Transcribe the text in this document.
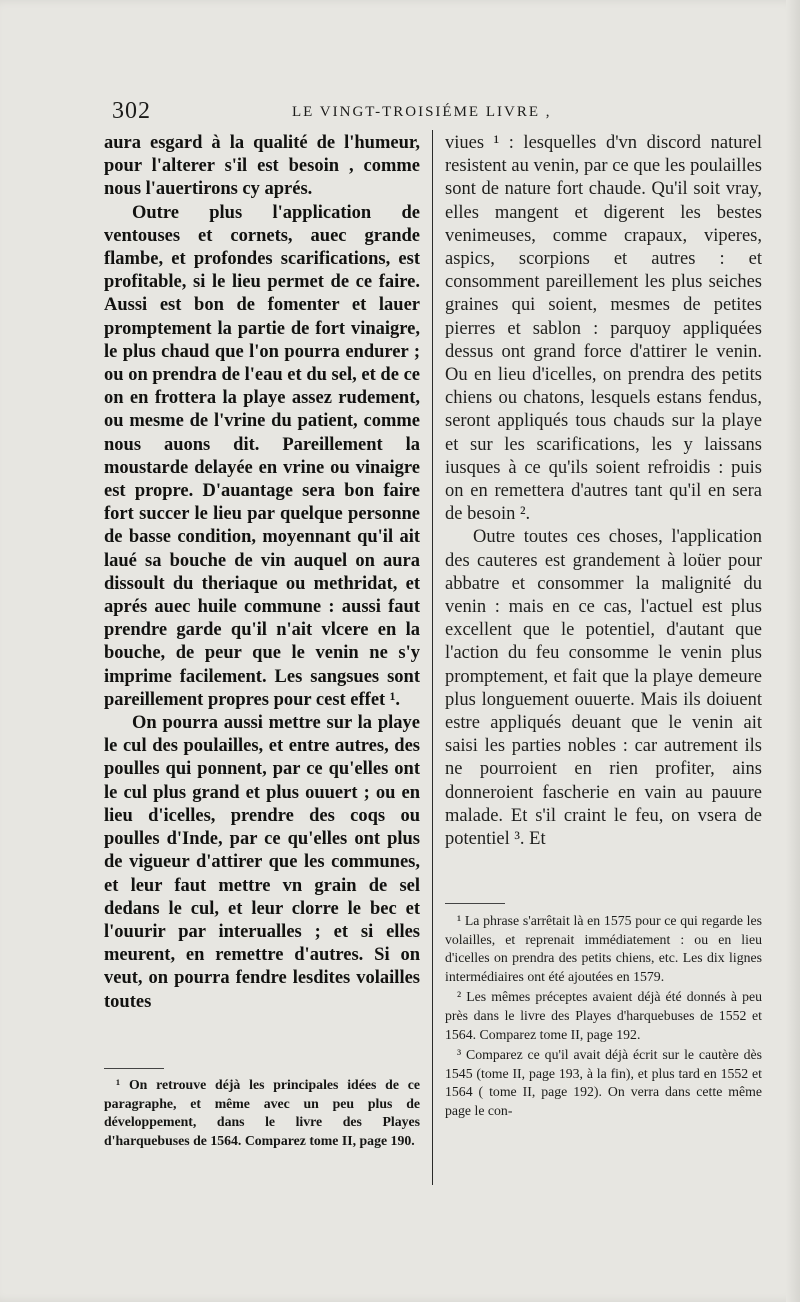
302	LE VINGT-TROISIÉME LIVRE ,

aura esgard à la qualité de l'humeur, pour l'alterer s'il est besoin , comme nous l'auertirons cy aprés.

Outre plus l'application de ventouses et cornets, auec grande flambe, et profondes scarifications, est profitable, si le lieu permet de ce faire. Aussi est bon de fomenter et lauer promptement la partie de fort vinaigre, le plus chaud que l'on pourra endurer ; ou on prendra de l'eau et du sel, et de ce on en frottera la playe assez rudement, ou mesme de l'vrine du patient, comme nous auons dit. Pareillement la moustarde delayée en vrine ou vinaigre est propre. D'auantage sera bon faire fort succer le lieu par quelque personne de basse condition, moyennant qu'il ait laué sa bouche de vin auquel on aura dissoult du theriaque ou methridat, et aprés auec huile commune : aussi faut prendre garde qu'il n'ait vlcere en la bouche, de peur que le venin ne s'y imprime facilement. Les sangsues sont pareillement propres pour cest effet ¹.

On pourra aussi mettre sur la playe le cul des poulailles, et entre autres, des poulles qui ponnent, par ce qu'elles ont le cul plus grand et plus ouuert ; ou en lieu d'icelles, prendre des coqs ou poulles d'Inde, par ce qu'elles ont plus de vigueur d'attirer que les communes, et leur faut mettre vn grain de sel dedans le cul, et leur clorre le bec et l'ouurir par interualles ; et si elles meurent, en remettre d'autres. Si on veut, on pourra fendre lesdites volailles toutes

viues ¹ : lesquelles d'vn discord naturel resistent au venin, par ce que les poulailles sont de nature fort chaude. Qu'il soit vray, elles mangent et digerent les bestes venimeuses, comme crapaux, viperes, aspics, scorpions et autres : et consomment pareillement les plus seiches graines qui soient, mesmes de petites pierres et sablon : parquoy appliquées dessus ont grand force d'attirer le venin. Ou en lieu d'icelles, on prendra des petits chiens ou chatons, lesquels estans fendus, seront appliqués tous chauds sur la playe et sur les scarifications, les y laissans iusques à ce qu'ils soient refroidis : puis on en remettera d'autres tant qu'il en sera de besoin ².

Outre toutes ces choses, l'application des cauteres est grandement à loüer pour abbatre et consommer la malignité du venin : mais en ce cas, l'actuel est plus excellent que le potentiel, d'autant que l'action du feu consomme le venin plus promptement, et fait que la playe demeure plus longuement ouuerte. Mais ils doiuent estre appliqués deuant que le venin ait saisi les parties nobles : car autrement ils ne pourroient en rien profiter, ains donneroient fascherie en vain au pauure malade. Et s'il craint le feu, on vsera de potentiel ³. Et

¹ La phrase s'arrêtait là en 1575 pour ce qui regarde les volailles, et reprenait immédiatement : ou en lieu d'icelles on prendra des petits chiens, etc. Les dix lignes intermédiaires ont été ajoutées en 1579.

² Les mêmes préceptes avaient déjà été donnés à peu près dans le livre des Playes d'harquebuses de 1552 et 1564. Comparez tome II, page 192.

³ Comparez ce qu'il avait déjà écrit sur le cautère dès 1545 (tome II, page 193, à la fin), et plus tard en 1552 et 1564 ( tome II, page 192). On verra dans cette même page le con-

¹ On retrouve déjà les principales idées de ce paragraphe, et même avec un peu plus de développement, dans le livre des Playes d'harquebuses de 1564. Comparez tome II, page 190.
